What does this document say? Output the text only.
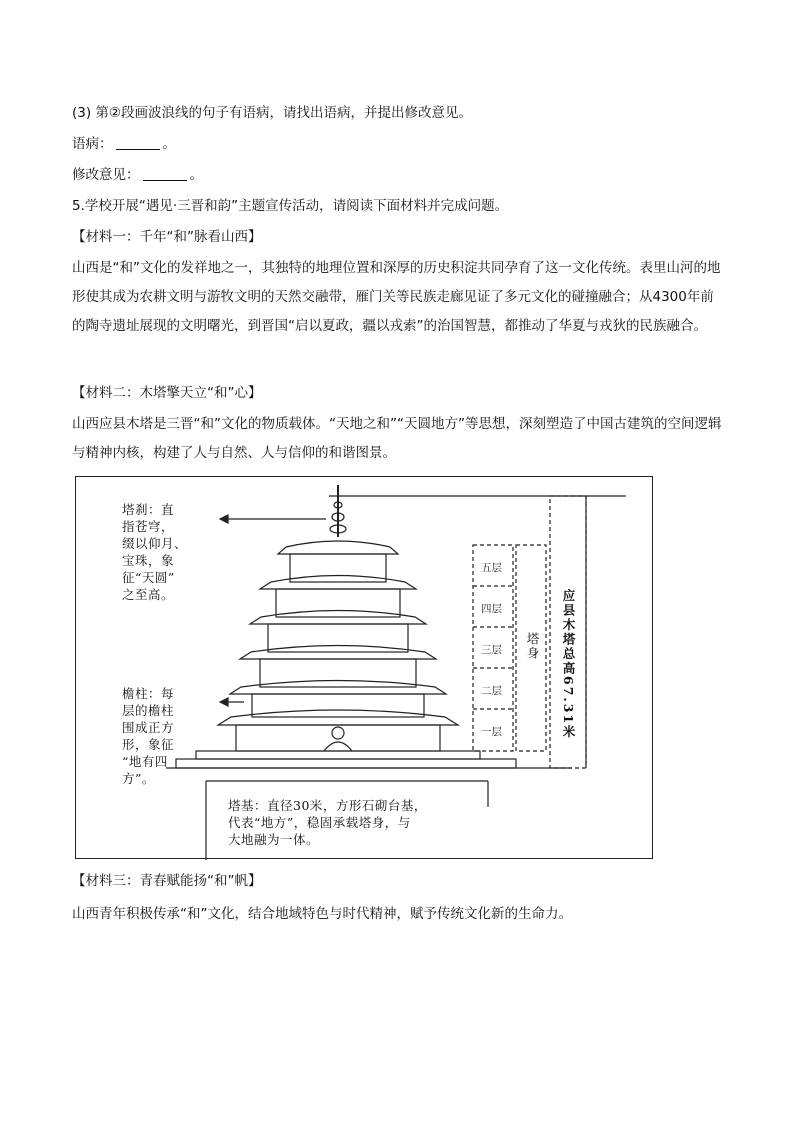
(3) 第②段画波浪线的句子有语病，请找出语病，并提出修改意见。
语病：	。
修改意见：	。
5.学校开展“遇见·三晋和韵”主题宣传活动，请阅读下面材料并完成问题。
【材料一：千年“和”脉看山西】
山西是“和”文化的发祥地之一，其独特的地理位置和深厚的历史积淀共同孕育了这一文化传统。表里山河的地形使其成为农耕文明与游牧文明的天然交融带，雁门关等民族走廊见证了多元文化的碰撞融合；从4300年前的陶寺遗址展现的文明曙光，到晋国“启以夏政，疆以戎索”的治国智慧，都推动了华夏与戎狄的民族融合。
【材料二：木塔擎天立“和”心】
山西应县木塔是三晋“和”文化的物质载体。“天地之和”“天圆地方”等思想，深刻塑造了中国古建筑的空间逻辑与精神内核，构建了人与自然、人与信仰的和谐图景。
塔刹：直
指苍穹，
缀以仰月、
宝珠，象
征“天圆”
之至高。
檐柱：每
层的檐柱
围成正方
形，象征
“地有四
方”。
塔基：直径30米，方形石砌台基，
代表“地方”，稳固承载塔身，与
大地融为一体。
五层
四层
三层
二层
一层
塔身 应县木塔总高67.31米
【材料三：青春赋能扬“和”帆】
山西青年积极传承“和”文化，结合地域特色与时代精神，赋予传统文化新的生命力。
